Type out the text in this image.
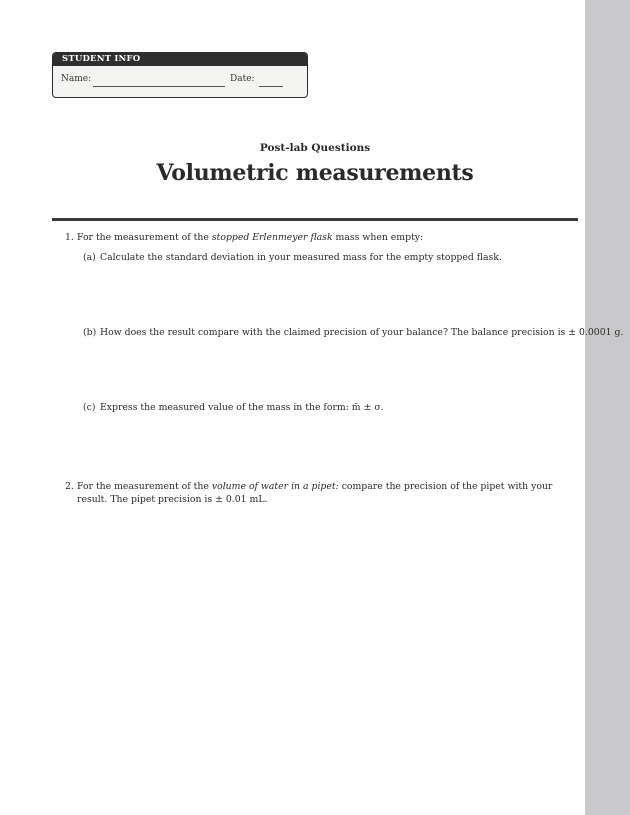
STUDENT INFO
Name:	Date:
Post-lab Questions
Volumetric measurements
1. For the measurement of the stopped Erlenmeyer flask mass when empty:
(a) Calculate the standard deviation in your measured mass for the empty stopped flask.
(b) How does the result compare with the claimed precision of your balance? The balance precision is ± 0.0001 g.
(c) Express the measured value of the mass in the form: m̄ ± σ.
2. For the measurement of the volume of water in a pipet: compare the precision of the pipet with your result. The pipet precision is ± 0.01 mL.
